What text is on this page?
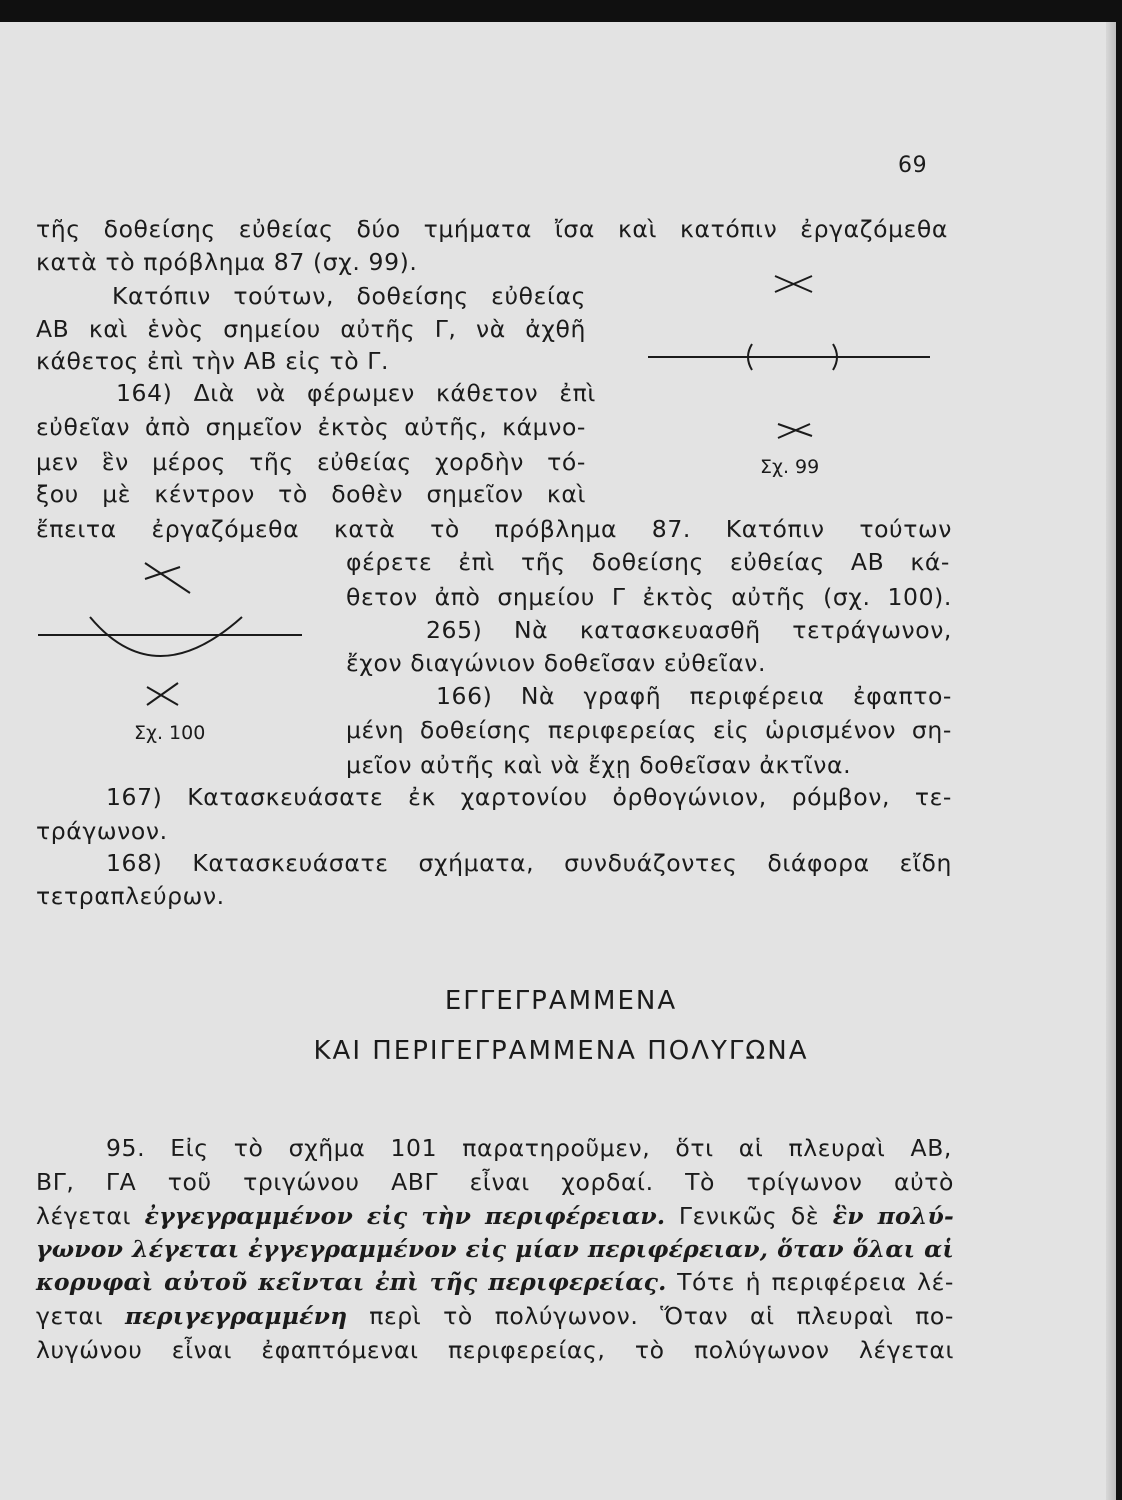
69
τῆς δοθείσης εὐθείας δύο τμήματα ἴσα καὶ κατόπιν ἐργαζόμεθα
κατὰ τὸ πρόβλημα 87 (σχ. 99).
Κατόπιν τούτων, δοθείσης εὐθείας
ΑΒ καὶ ἑνὸς σημείου αὐτῆς Γ, νὰ ἀχθῆ
κάθετος ἐπὶ τὴν ΑΒ εἰς τὸ Γ.
164) Διὰ νὰ φέρωμεν κάθετον ἐπὶ
εὐθεῖαν ἀπὸ σημεῖον ἐκτὸς αὐτῆς, κάμνο-
μεν ἓν μέρος τῆς εὐθείας χορδὴν τό-
ξου μὲ κέντρον τὸ δοθὲν σημεῖον καὶ
ἔπειτα ἐργαζόμεθα κατὰ τὸ πρόβλημα 87. Κατόπιν τούτων
φέρετε ἐπὶ τῆς δοθείσης εὐθείας ΑΒ κά-
θετον ἀπὸ σημείου Γ ἐκτὸς αὐτῆς (σχ. 100).
265) Νὰ κατασκευασθῆ τετράγωνον,
ἔχον διαγώνιον δοθεῖσαν εὐθεῖαν.
166) Νὰ γραφῆ περιφέρεια ἐφαπτο-
μένη δοθείσης περιφερείας εἰς ὡρισμένον ση-
μεῖον αὐτῆς καὶ νὰ ἔχῃ δοθεῖσαν ἀκτῖνα.
167) Κατασκευάσατε ἐκ χαρτονίου ὀρθογώνιον, ρόμβον, τε-
τράγωνον.
168) Κατασκευάσατε σχήματα, συνδυάζοντες διάφορα εἴδη
τετραπλεύρων.
Σχ. 99
Σχ. 100
ΕΓΓΕΓΡΑΜΜΕΝΑ
ΚΑΙ ΠΕΡΙΓΕΓΡΑΜΜΕΝΑ ΠΟΛΥΓΩΝΑ
95. Εἰς τὸ σχῆμα 101 παρατηροῦμεν, ὅτι αἱ πλευραὶ ΑΒ,
ΒΓ, ΓΑ τοῦ τριγώνου ΑΒΓ εἶναι χορδαί. Τὸ τρίγωνον αὐτὸ
λέγεται ἐγγεγραμμένον εἰς τὴν περιφέρειαν. Γενικῶς δὲ ἓν πολύ-
γωνον λέγεται ἐγγεγραμμένον εἰς μίαν περιφέρειαν, ὅταν ὅλαι αἱ
κορυφαὶ αὐτοῦ κεῖνται ἐπὶ τῆς περιφερείας. Τότε ἡ περιφέρεια λέ-
γεται περιγεγραμμένη περὶ τὸ πολύγωνον. Ὅταν αἱ πλευραὶ πο-
λυγώνου εἶναι ἐφαπτόμεναι περιφερείας, τὸ πολύγωνον λέγεται
